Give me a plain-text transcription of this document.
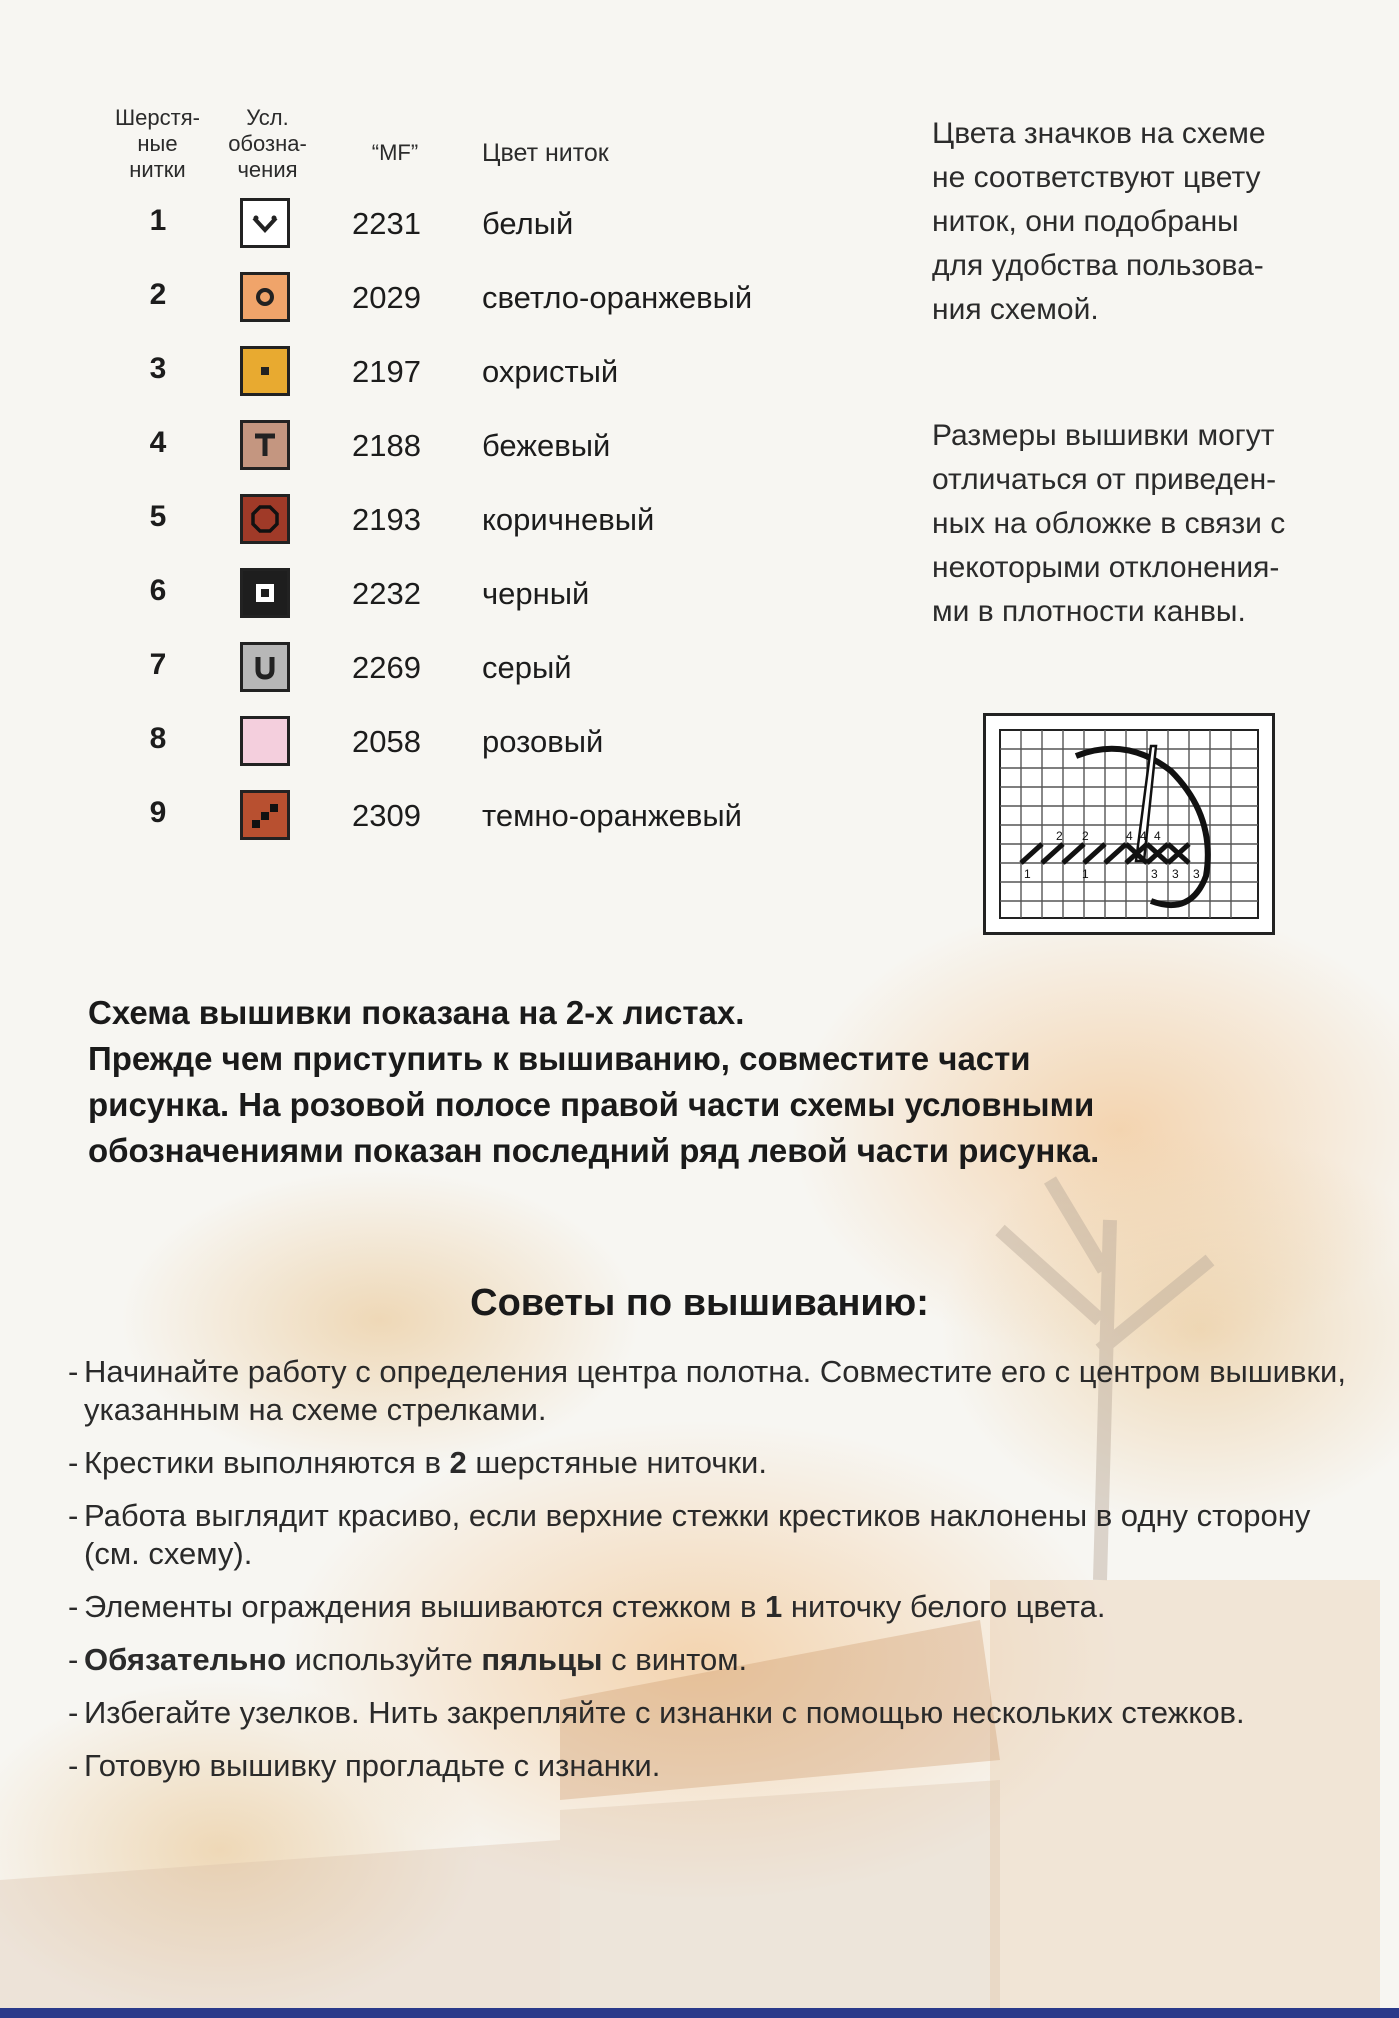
Шерстя-
ные
нитки
Усл.
обозна-
чения
“MF”	Цвет ниток
1	2231	белый
2	2029	светло-оранжевый
3	2197	охристый
4	2188	бежевый
5	2193	коричневый
6	2232	черный
7	2269	серый
8	2058	розовый
9	2309	темно-оранжевый
Цвета значков на схеме
не соответствуют цвету
ниток, они подобраны
для удобства пользова-
ния схемой.
Размеры вышивки могут
отличаться от приведен-
ных на обложке в связи с
некоторыми отклонения-
ми в плотности канвы.
2 2	4 4 4
1	1	3 3 3
Схема вышивки показана на 2-х листах.
Прежде чем приступить к вышиванию, совместите части
рисунка. На розовой полосе правой части схемы условными
обозначениями показан последний ряд левой части рисунка.
Советы по вышиванию:
- Начинайте работу с определения центра полотна. Совместите его с центром вышивки, указанным на схеме стрелками.
- Крестики выполняются в 2 шерстяные ниточки.
- Работа выглядит красиво, если верхние стежки крестиков наклонены в одну сторону (см. схему).
- Элементы ограждения вышиваются стежком в 1 ниточку белого цвета.
- Обязательно используйте пяльцы с винтом.
- Избегайте узелков. Нить закрепляйте с изнанки с помощью нескольких стежков.
- Готовую вышивку прогладьте с изнанки.
